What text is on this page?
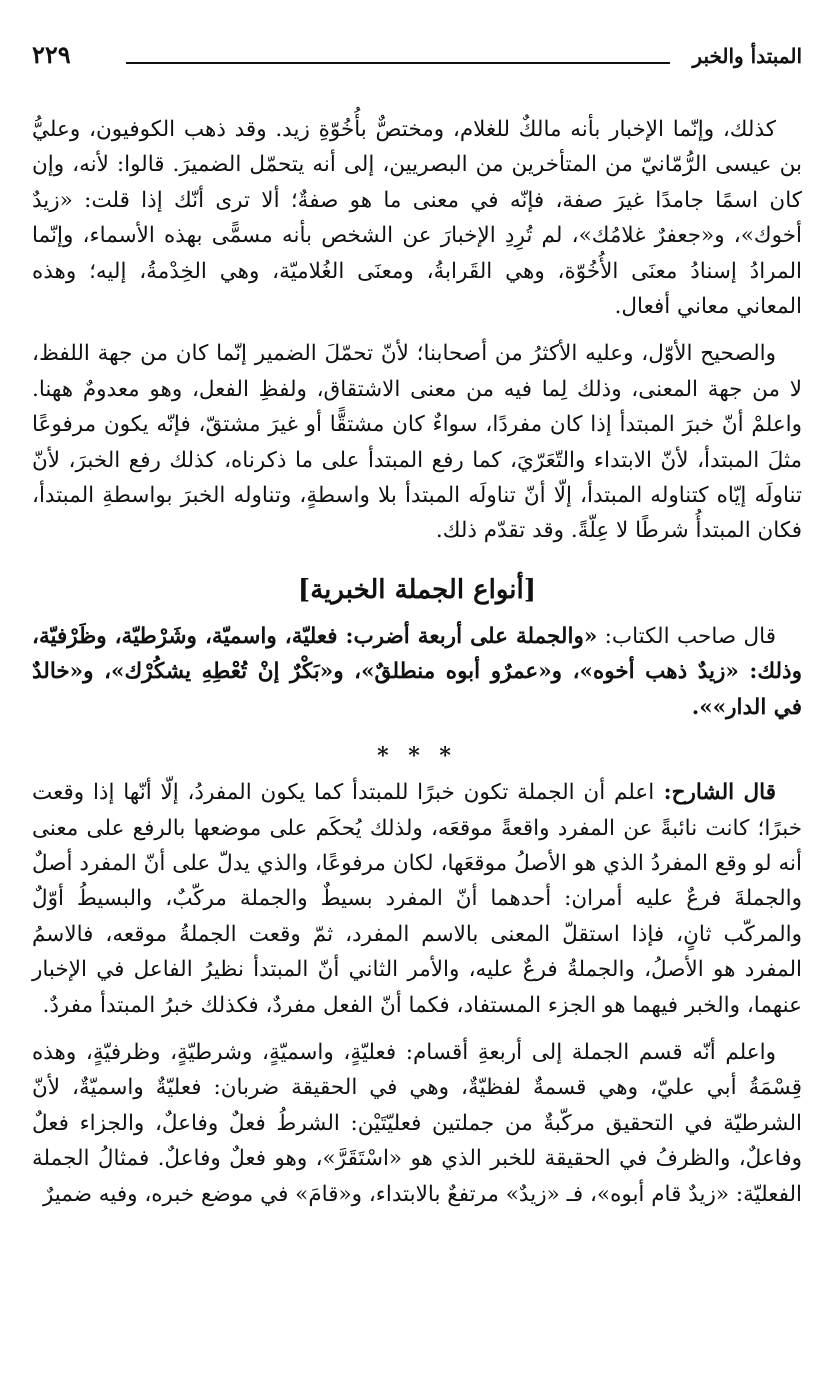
المبتدأ والخبر
٢٢٩

كذلك، وإنّما الإخبار بأنه مالكٌ للغلام، ومختصٌّ بأُخُوّةِ زيد. وقد ذهب الكوفيون، وعليُّ بن عيسى الرُّمّانيّ من المتأخرين من البصريين، إلى أنه يتحمّل الضميرَ. قالوا: لأنه، وإن كان اسمًا جامدًا غيرَ صفة، فإنّه في معنى ما هو صفةٌ؛ ألا ترى أنّك إذا قلت: «زيدٌ أخوك»، و«جعفرٌ غلامُك»، لم تُرِدِ الإخبارَ عن الشخص بأنه مسمًّى بهذه الأسماء، وإنّما المرادُ إسنادُ معنَى الأُخُوّة، وهي القَرابةُ، ومعنَى الغُلاميّة، وهي الخِدْمةُ، إليه؛ وهذه المعاني معاني أفعال.

والصحيح الأوّل، وعليه الأكثرُ من أصحابنا؛ لأنّ تحمّلَ الضمير إنّما كان من جهة اللفظ، لا من جهة المعنى، وذلك لِما فيه من معنى الاشتقاق، ولفظِ الفعل، وهو معدومٌ ههنا. واعلمْ أنّ خبرَ المبتدأ إذا كان مفردًا، سواءٌ كان مشتقًّا أو غيرَ مشتقّ، فإنّه يكون مرفوعًا مثلَ المبتدأ، لأنّ الابتداء والتّعَرّيَ، كما رفع المبتدأ على ما ذكرناه، كذلك رفع الخبرَ، لأنّ تناولَه إيّاه كتناوله المبتدأ، إلّا أنّ تناولَه المبتدأ بلا واسطةٍ، وتناوله الخبرَ بواسطةِ المبتدأ، فكان المبتدأُ شرطًا لا عِلّةً. وقد تقدّم ذلك.

[أنواع الجملة الخبرية]

قال صاحب الكتاب: «والجملة على أربعة أضرب: فعليّة، واسميّة، وشَرْطيّة، وظَرْفيّة، وذلك: «زيدٌ ذهب أخوه»، و«عمرٌو أبوه منطلقٌ»، و«بَكْرٌ إنْ تُعْطِهِ يشكُرْك»، و«خالدٌ في الدار»».

* * *

قال الشارح: اعلم أن الجملة تكون خبرًا للمبتدأ كما يكون المفردُ، إلّا أنّها إذا وقعت خبرًا؛ كانت نائبةً عن المفرد واقعةً موقعَه، ولذلك يُحكَم على موضعها بالرفع على معنى أنه لو وقع المفردُ الذي هو الأصلُ موقعَها، لكان مرفوعًا، والذي يدلّ على أنّ المفرد أصلٌ والجملةَ فرعٌ عليه أمران: أحدهما أنّ المفرد بسيطٌ والجملة مركّبٌ، والبسيطُ أوّلٌ والمركّب ثانٍ، فإذا استقلّ المعنى بالاسم المفرد، ثمّ وقعت الجملةُ موقعه، فالاسمُ المفرد هو الأصلُ، والجملةُ فرعٌ عليه، والأمر الثاني أنّ المبتدأ نظيرُ الفاعل في الإخبار عنهما، والخبر فيهما هو الجزء المستفاد، فكما أنّ الفعل مفردٌ، فكذلك خبرُ المبتدأ مفردٌ.

واعلم أنّه قسم الجملة إلى أربعةِ أقسام: فعليّةٍ، واسميّةٍ، وشرطيّةٍ، وظرفيّةٍ، وهذه قِسْمَةُ أبي عليّ، وهي قسمةٌ لفظيّةٌ، وهي في الحقيقة ضربان: فعليّةٌ واسميّةٌ، لأنّ الشرطيّة في التحقيق مركّبةٌ من جملتين فعليّتَيْن: الشرطُ فعلٌ وفاعلٌ، والجزاء فعلٌ وفاعلٌ، والظرفُ في الحقيقة للخبر الذي هو «اسْتَقَرَّ»، وهو فعلٌ وفاعلٌ. فمثالُ الجملة الفعليّة: «زيدٌ قام أبوه»، فـ «زيدٌ» مرتفعٌ بالابتداء، و«قامَ» في موضع خبره، وفيه ضميرٌ
